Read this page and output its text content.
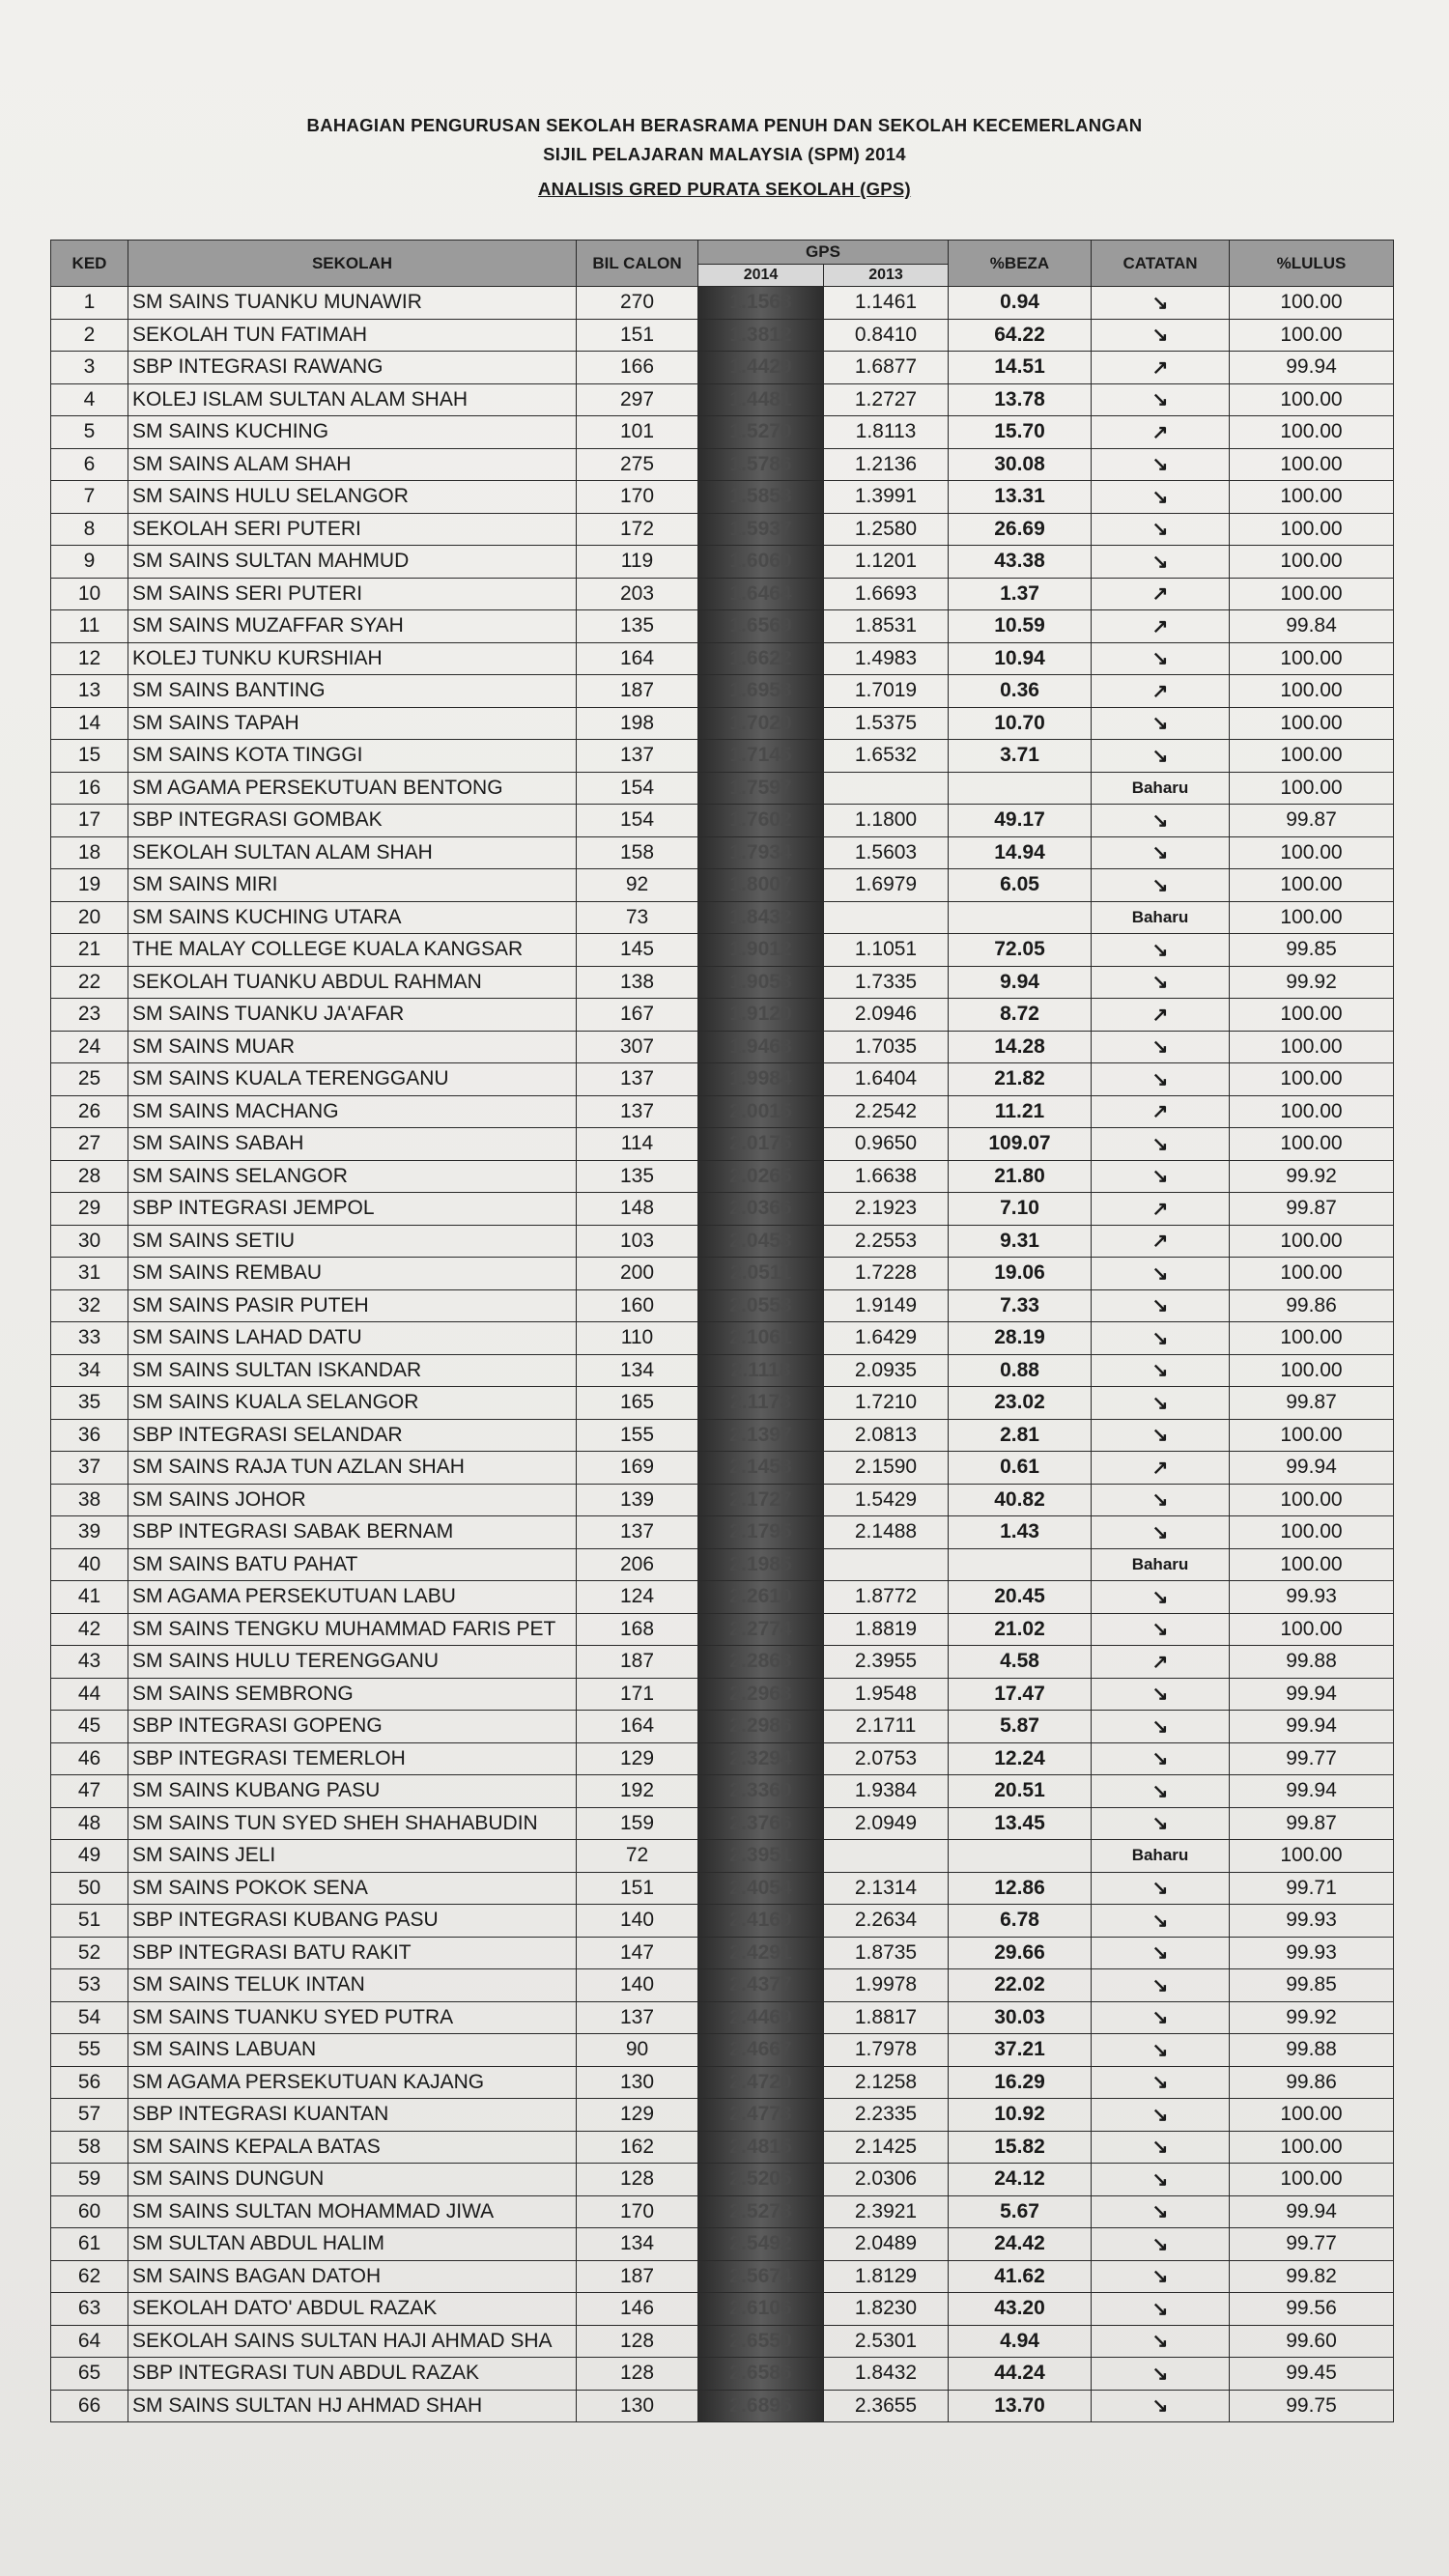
BAHAGIAN PENGURUSAN SEKOLAH BERASRAMA PENUH DAN SEKOLAH KECEMERLANGAN
SIJIL PELAJARAN MALAYSIA (SPM) 2014
ANALISIS GRED PURATA SEKOLAH (GPS)
KED	SEKOLAH	BIL CALON	GPS		%BEZA	CATATAN	%LULUS
			2014	2013			
1	SM SAINS TUANKU MUNAWIR	270	1.1568	1.1461	0.94	↘	100.00
2	SEKOLAH TUN FATIMAH	151	1.3812	0.8410	64.22	↘	100.00
3	SBP INTEGRASI RAWANG	166	1.4429	1.6877	14.51	↗	99.94
4	KOLEJ ISLAM SULTAN ALAM SHAH	297	1.4481	1.2727	13.78	↘	100.00
5	SM SAINS KUCHING	101	1.5270	1.8113	15.70	↗	100.00
6	SM SAINS ALAM SHAH	275	1.5786	1.2136	30.08	↘	100.00
7	SM SAINS HULU SELANGOR	170	1.5853	1.3991	13.31	↘	100.00
8	SEKOLAH SERI PUTERI	172	1.5937	1.2580	26.69	↘	100.00
9	SM SAINS SULTAN MAHMUD	119	1.6060	1.1201	43.38	↘	100.00
10	SM SAINS SERI PUTERI	203	1.6464	1.6693	1.37	↗	100.00
11	SM SAINS MUZAFFAR SYAH	135	1.6569	1.8531	10.59	↗	99.84
12	KOLEJ TUNKU KURSHIAH	164	1.6622	1.4983	10.94	↘	100.00
13	SM SAINS BANTING	187	1.6958	1.7019	0.36	↗	100.00
14	SM SAINS TAPAH	198	1.7020	1.5375	10.70	↘	100.00
15	SM SAINS KOTA TINGGI	137	1.7145	1.6532	3.71	↘	100.00
16	SM AGAMA PERSEKUTUAN BENTONG	154	1.7597			Baharu	100.00
17	SBP INTEGRASI GOMBAK	154	1.7602	1.1800	49.17	↘	99.87
18	SEKOLAH SULTAN ALAM SHAH	158	1.7934	1.5603	14.94	↘	100.00
19	SM SAINS MIRI	92	1.8007	1.6979	6.05	↘	100.00
20	SM SAINS KUCHING UTARA	73	1.8432			Baharu	100.00
21	THE MALAY COLLEGE KUALA KANGSAR	145	1.9012	1.1051	72.05	↘	99.85
22	SEKOLAH TUANKU ABDUL RAHMAN	138	1.9058	1.7335	9.94	↘	99.92
23	SM SAINS TUANKU JA'AFAR	167	1.9120	2.0946	8.72	↗	100.00
24	SM SAINS MUAR	307	1.9468	1.7035	14.28	↘	100.00
25	SM SAINS KUALA TERENGGANU	137	1.9984	1.6404	21.82	↘	100.00
26	SM SAINS MACHANG	137	2.0015	2.2542	11.21	↗	100.00
27	SM SAINS SABAH	114	2.0175	0.9650	109.07	↘	100.00
28	SM SAINS SELANGOR	135	2.0265	1.6638	21.80	↘	99.92
29	SBP INTEGRASI JEMPOL	148	2.0366	2.1923	7.10	↗	99.87
30	SM SAINS SETIU	103	2.0453	2.2553	9.31	↗	100.00
31	SM SAINS REMBAU	200	2.0511	1.7228	19.06	↘	100.00
32	SM SAINS PASIR PUTEH	160	2.0553	1.9149	7.33	↘	99.86
33	SM SAINS LAHAD DATU	110	2.1061	1.6429	28.19	↘	100.00
34	SM SAINS SULTAN ISKANDAR	134	2.1118	2.0935	0.88	↘	100.00
35	SM SAINS KUALA SELANGOR	165	2.1173	1.7210	23.02	↘	99.87
36	SBP INTEGRASI SELANDAR	155	2.1397	2.0813	2.81	↘	100.00
37	SM SAINS RAJA TUN AZLAN SHAH	169	2.1458	2.1590	0.61	↗	99.94
38	SM SAINS JOHOR	139	2.1727	1.5429	40.82	↘	100.00
39	SBP INTEGRASI SABAK BERNAM	137	2.1795	2.1488	1.43	↘	100.00
40	SM SAINS BATU PAHAT	206	2.1985			Baharu	100.00
41	SM AGAMA PERSEKUTUAN LABU	124	2.2610	1.8772	20.45	↘	99.93
42	SM SAINS TENGKU MUHAMMAD FARIS PET	168	2.2774	1.8819	21.02	↘	100.00
43	SM SAINS HULU TERENGGANU	187	2.2868	2.3955	4.58	↗	99.88
44	SM SAINS SEMBRONG	171	2.2963	1.9548	17.47	↘	99.94
45	SBP INTEGRASI GOPENG	164	2.2986	2.1711	5.87	↘	99.94
46	SBP INTEGRASI TEMERLOH	129	2.3294	2.0753	12.24	↘	99.77
47	SM SAINS KUBANG PASU	192	2.3360	1.9384	20.51	↘	99.94
48	SM SAINS TUN SYED SHEH SHAHABUDIN	159	2.3766	2.0949	13.45	↘	99.87
49	SM SAINS JELI	72	2.3951			Baharu	100.00
50	SM SAINS POKOK SENA	151	2.4054	2.1314	12.86	↘	99.71
51	SBP INTEGRASI KUBANG PASU	140	2.4169	2.2634	6.78	↘	99.93
52	SBP INTEGRASI BATU RAKIT	147	2.4291	1.8735	29.66	↘	99.93
53	SM SAINS TELUK INTAN	140	2.4377	1.9978	22.02	↘	99.85
54	SM SAINS TUANKU SYED PUTRA	137	2.4469	1.8817	30.03	↘	99.92
55	SM SAINS LABUAN	90	2.4667	1.7978	37.21	↘	99.88
56	SM AGAMA PERSEKUTUAN KAJANG	130	2.4720	2.1258	16.29	↘	99.86
57	SBP INTEGRASI KUANTAN	129	2.4773	2.2335	10.92	↘	100.00
58	SM SAINS KEPALA BATAS	162	2.4815	2.1425	15.82	↘	100.00
59	SM SAINS DUNGUN	128	2.5205	2.0306	24.12	↘	100.00
60	SM SAINS SULTAN MOHAMMAD JIWA	170	2.5278	2.3921	5.67	↘	99.94
61	SM SULTAN ABDUL HALIM	134	2.5492	2.0489	24.42	↘	99.77
62	SM SAINS BAGAN DATOH	187	2.5674	1.8129	41.62	↘	99.82
63	SEKOLAH DATO' ABDUL RAZAK	146	2.6106	1.8230	43.20	↘	99.56
64	SEKOLAH SAINS SULTAN HAJI AHMAD SHA	128	2.6550	2.5301	4.94	↘	99.60
65	SBP INTEGRASI TUN ABDUL RAZAK	128	2.6586	1.8432	44.24	↘	99.45
66	SM SAINS SULTAN HJ AHMAD SHAH	130	2.6895	2.3655	13.70	↘	99.75
